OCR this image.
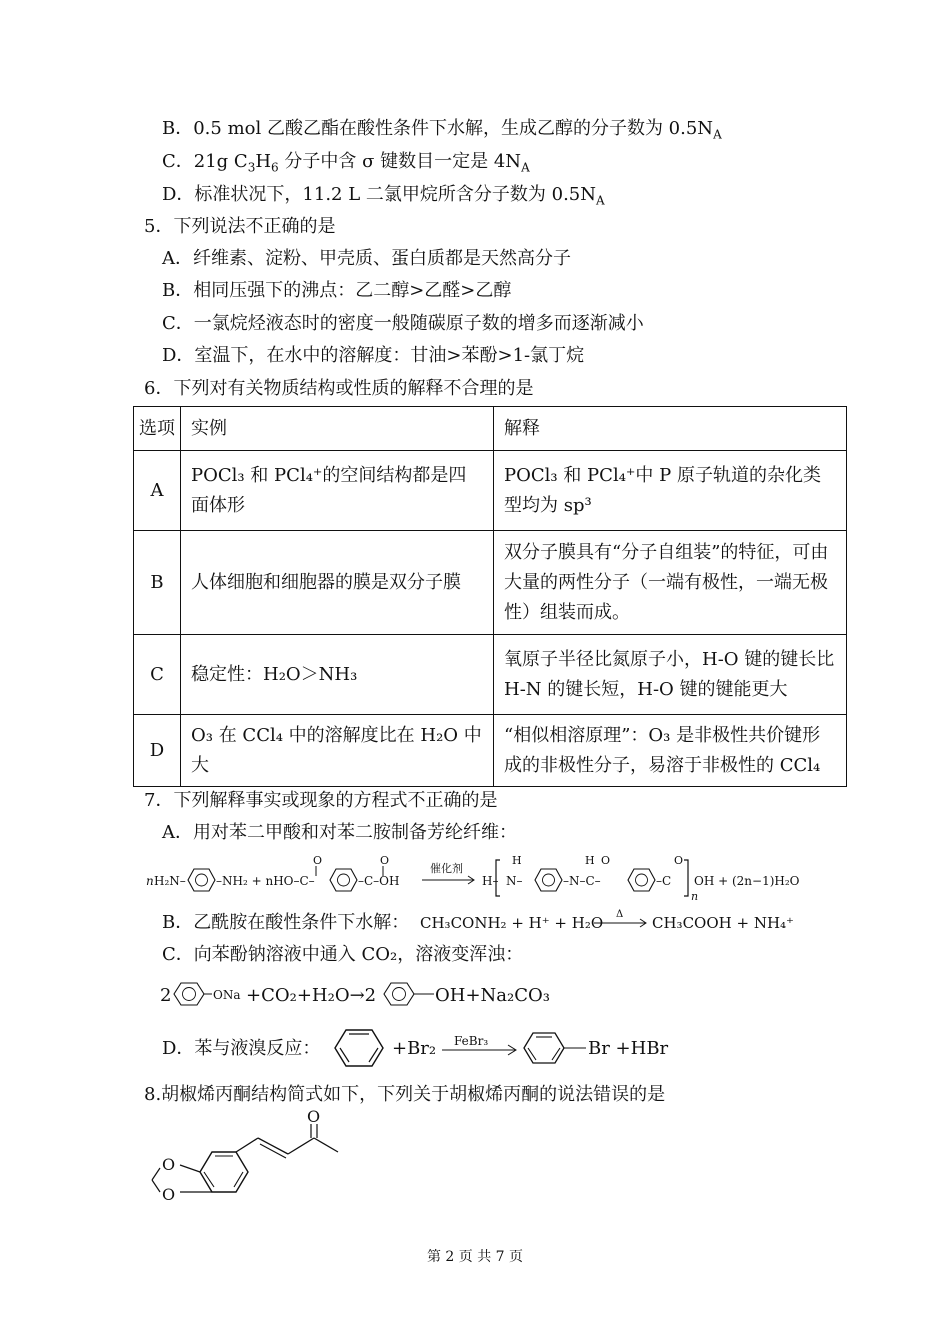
B．0.5 mol 乙酸乙酯在酸性条件下水解，生成乙醇的分子数为 $0.5N_A$
C．21g $C_3H_6$ 分子中含 σ 键数目一定是 $4N_A$
D．标准状况下，11.2 L 二氯甲烷所含分子数为 $0.5N_A$
5．下列说法不正确的是
A．纤维素、淀粉、甲壳质、蛋白质都是天然高分子
B．相同压强下的沸点：乙二醇>乙醛>乙醇
C．一氯烷烃液态时的密度一般随碳原子数的增多而逐渐减小
D．室温下，在水中的溶解度：甘油>苯酚>1-氯丁烷
6．下列对有关物质结构或性质的解释不合理的是
选项	实例	解释
A	POCl₃ 和 PCl₄⁺的空间结构都是四面体形	POCl₃ 和 PCl₄⁺中 P 原子轨道的杂化类型均为 sp³
B	人体细胞和细胞器的膜是双分子膜	双分子膜具有“分子自组装”的特征，可由大量的两性分子（一端有极性，一端无极性）组装而成。
C	稳定性：H₂O＞NH₃	氧原子半径比氮原子小，H-O 键的键长比 H-N 的键长短，H-O 键的键能更大
D	O₃ 在 CCl₄ 中的溶解度比在 H₂O 中大	“相似相溶原理”：O₃ 是非极性共价键形成的非极性分子，易溶于非极性的 CCl₄
7．下列解释事实或现象的方程式不正确的是
A．用对苯二甲酸和对苯二胺制备芳纶纤维：
n H₂N–	–NH₂ + nHO–C–
O
–C–OH
O
催化剂
H–
H
N–
H O
–N–C–	–C
O
n
OH + (2n−1)H₂O
B．乙酰胺在酸性条件下水解： CH₃CONH₂ + H⁺ + H₂O Δ CH₃COOH + NH₄⁺
C．向苯酚钠溶液中通入 CO₂，溶液变浑浊：
2	ONa +CO₂+H₂O→2	OH+Na₂CO₃
D．苯与液溴反应：	+Br₂ FeBr₃	Br +HBr
8.胡椒烯丙酮结构简式如下，下列关于胡椒烯丙酮的说法错误的是
O
O
O
第 2 页 共 7 页
